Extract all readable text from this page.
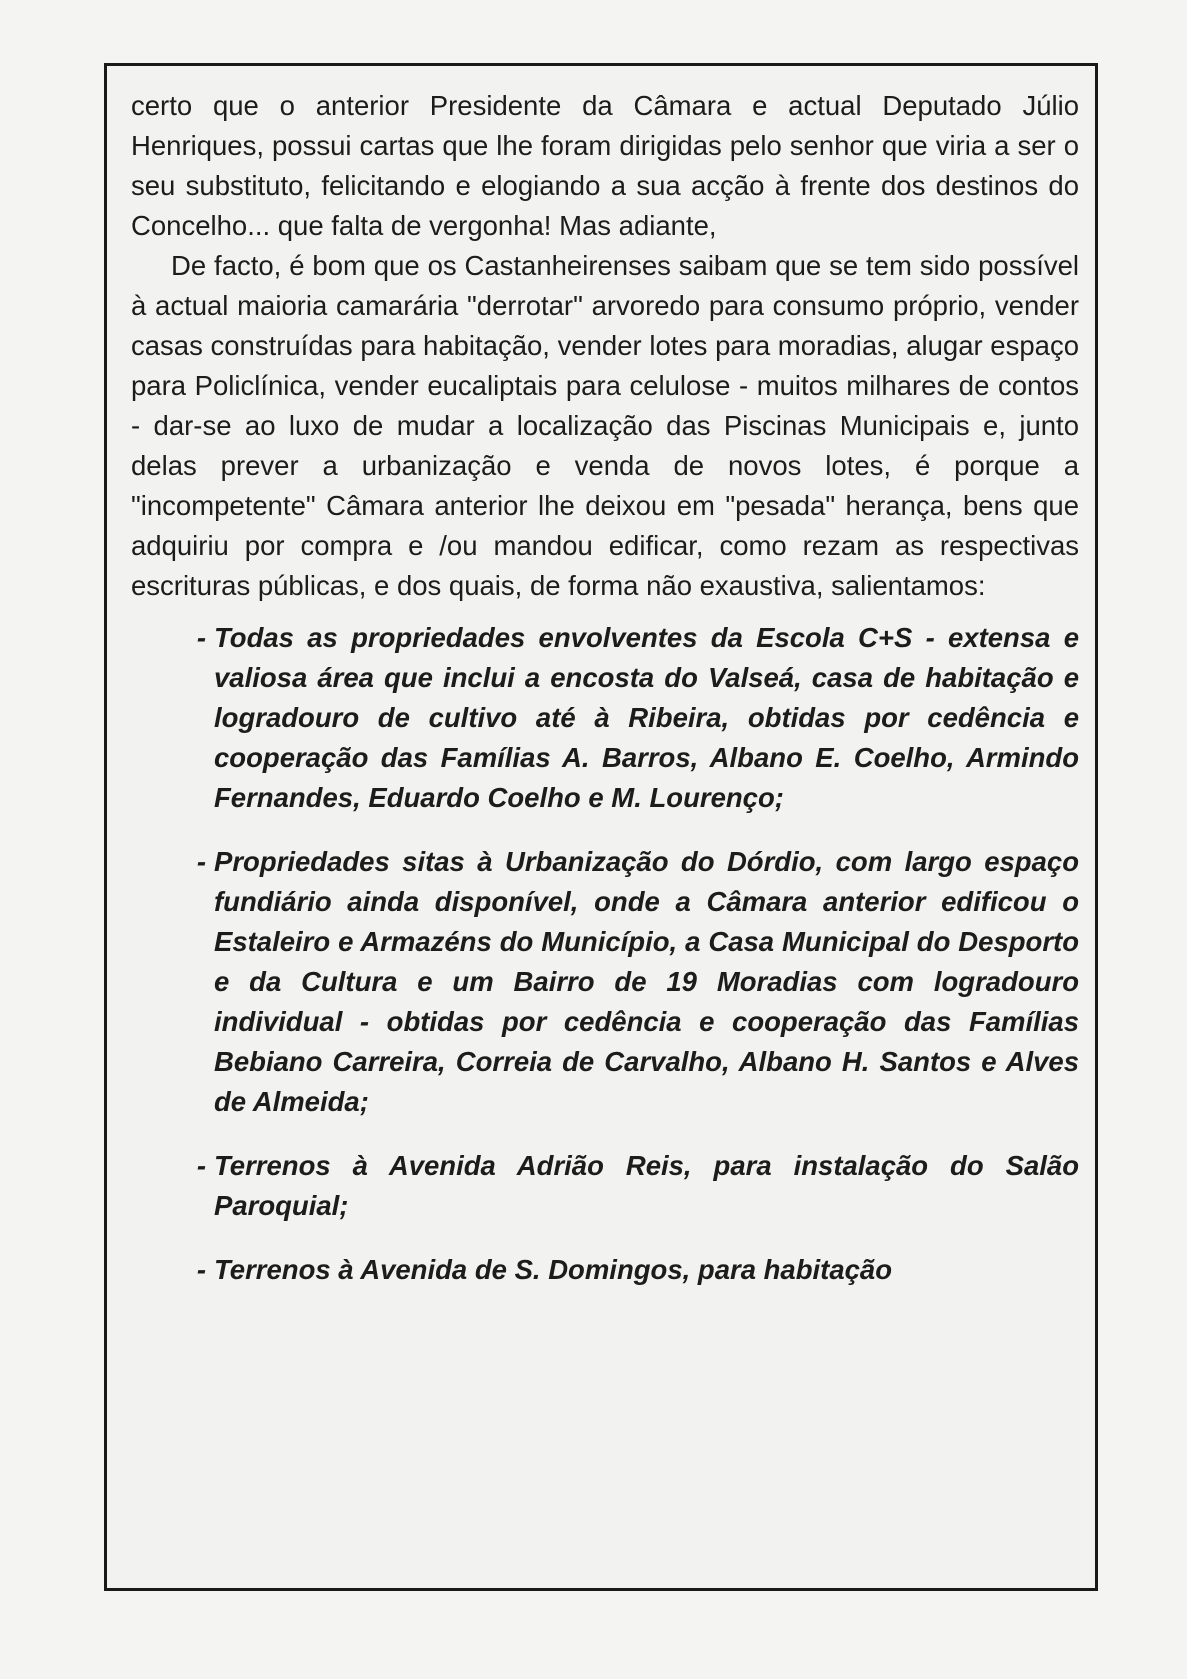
certo que o anterior Presidente da Câmara e actual Deputado Júlio Henriques, possui cartas que lhe foram dirigidas pelo senhor que viria a ser o seu substituto, felicitando e elogiando a sua acção à frente dos destinos do Concelho... que falta de vergonha! Mas adiante,

De facto, é bom que os Castanheirenses saibam que se tem sido possível à actual maioria camarária "derrotar" arvoredo para consumo próprio, vender casas construídas para habitação, vender lotes para moradias, alugar espaço para Policlínica, vender eucaliptais para celulose - muitos milhares de contos - dar-se ao luxo de mudar a localização das Piscinas Municipais e, junto delas prever a urbanização e venda de novos lotes, é porque a "incompetente" Câmara anterior lhe deixou em "pesada" herança, bens que adquiriu por compra e /ou mandou edificar, como rezam as respectivas escrituras públicas, e dos quais, de forma não exaustiva, salientamos:

- Todas as propriedades envolventes da Escola C+S - extensa e valiosa área que inclui a encosta do Valseá, casa de habitação e logradouro de cultivo até à Ribeira, obtidas por cedência e cooperação das Famílias A. Barros, Albano E. Coelho, Armindo Fernandes, Eduardo Coelho e M. Lourenço;

- Propriedades sitas à Urbanização do Dórdio, com largo espaço fundiário ainda disponível, onde a Câmara anterior edificou o Estaleiro e Armazéns do Município, a Casa Municipal do Desporto e da Cultura e um Bairro de 19 Moradias com logradouro individual - obtidas por cedência e cooperação das Famílias Bebiano Carreira, Correia de Carvalho, Albano H. Santos e Alves de Almeida;

- Terrenos à Avenida Adrião Reis, para instalação do Salão Paroquial;

- Terrenos à Avenida de S. Domingos, para habitação
